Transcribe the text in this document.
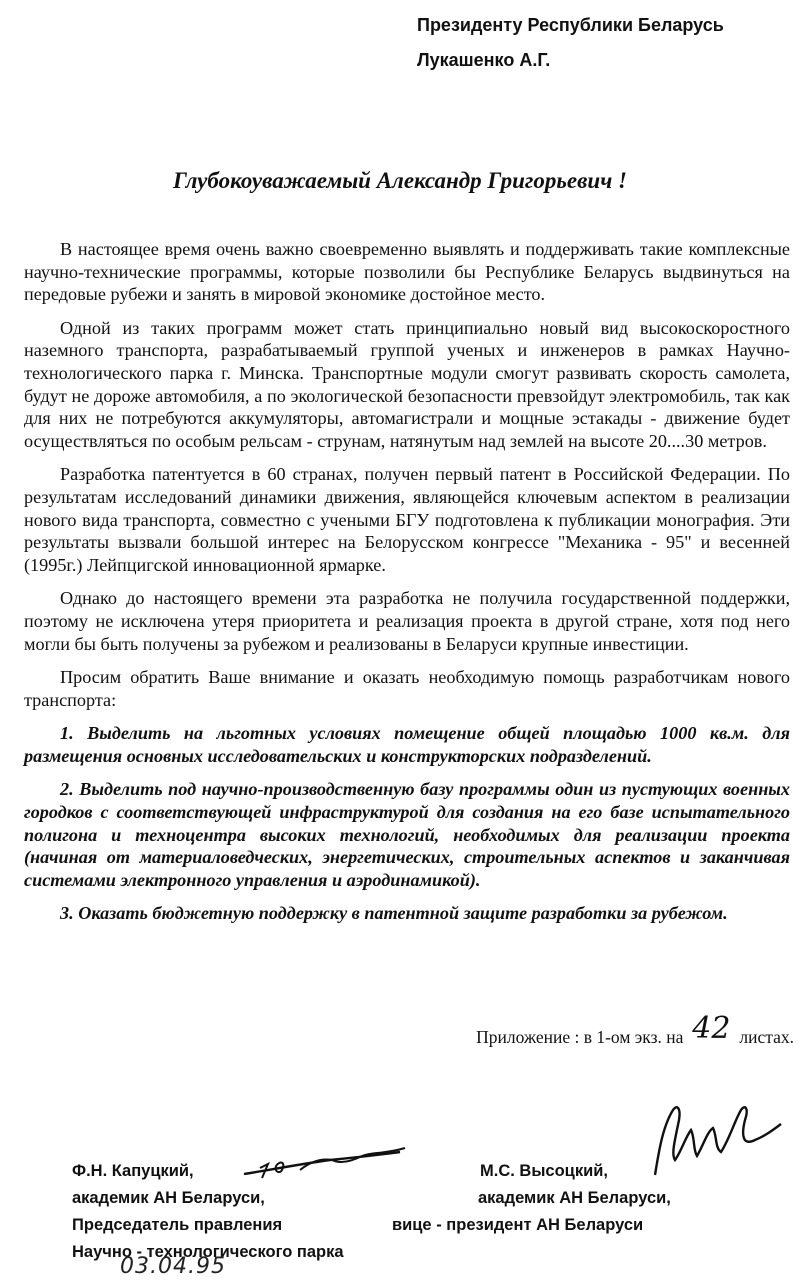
Президенту Республики Беларусь
Лукашенко А.Г.
Глубокоуважаемый Александр Григорьевич !

В настоящее время очень важно своевременно выявлять и поддерживать такие комплексные научно-технические программы, которые позволили бы Республике Беларусь выдвинуться на передовые рубежи и занять в мировой экономике достойное место.

Одной из таких программ может стать принципиально новый вид высокоскоростного наземного транспорта, разрабатываемый группой ученых и инженеров в рамках Научно-технологического парка г. Минска. Транспортные модули смогут развивать скорость самолета, будут не дороже автомобиля, а по экологической безопасности превзойдут электромобиль, так как для них не потребуются аккумуляторы, автомагистрали и мощные эстакады - движение будет осуществляться по особым рельсам - струнам, натянутым над землей на высоте 20....30 метров.

Разработка патентуется в 60 странах, получен первый патент в Российской Федерации. По результатам исследований динамики движения, являющейся ключевым аспектом в реализации нового вида транспорта, совместно с учеными БГУ подготовлена к публикации монография. Эти результаты вызвали большой интерес на Белорусском конгрессе "Механика - 95" и весенней (1995г.) Лейпцигской инновационной ярмарке.

Однако до настоящего времени эта разработка не получила государственной поддержки, поэтому не исключена утеря приоритета и реализация проекта в другой стране, хотя под него могли бы быть получены за рубежом и реализованы в Беларуси крупные инвестиции.

Просим обратить Ваше внимание и оказать необходимую помощь разработчикам нового транспорта:

1. Выделить на льготных условиях помещение общей площадью 1000 кв.м. для размещения основных исследовательских и конструкторских подразделений.

2. Выделить под научно-производственную базу программы один из пустующих военных городков с соответствующей инфраструктурой для создания на его базе испытательного полигона и техноцентра высоких технологий, необходимых для реализации проекта (начиная от материаловедческих, энергетических, строительных аспектов и заканчивая системами электронного управления и аэродинамикой).

3. Оказать бюджетную поддержку в патентной защите разработки за рубежом.

Приложение : в 1-ом экз. на 42 листах.
Ф.Н. Капуцкий,
академик АН Беларуси,
Председатель правления
Научно - технологического парка
М.С. Высоцкий,
академик АН Беларуси,
вице - президент АН Беларуси
03.04.95
